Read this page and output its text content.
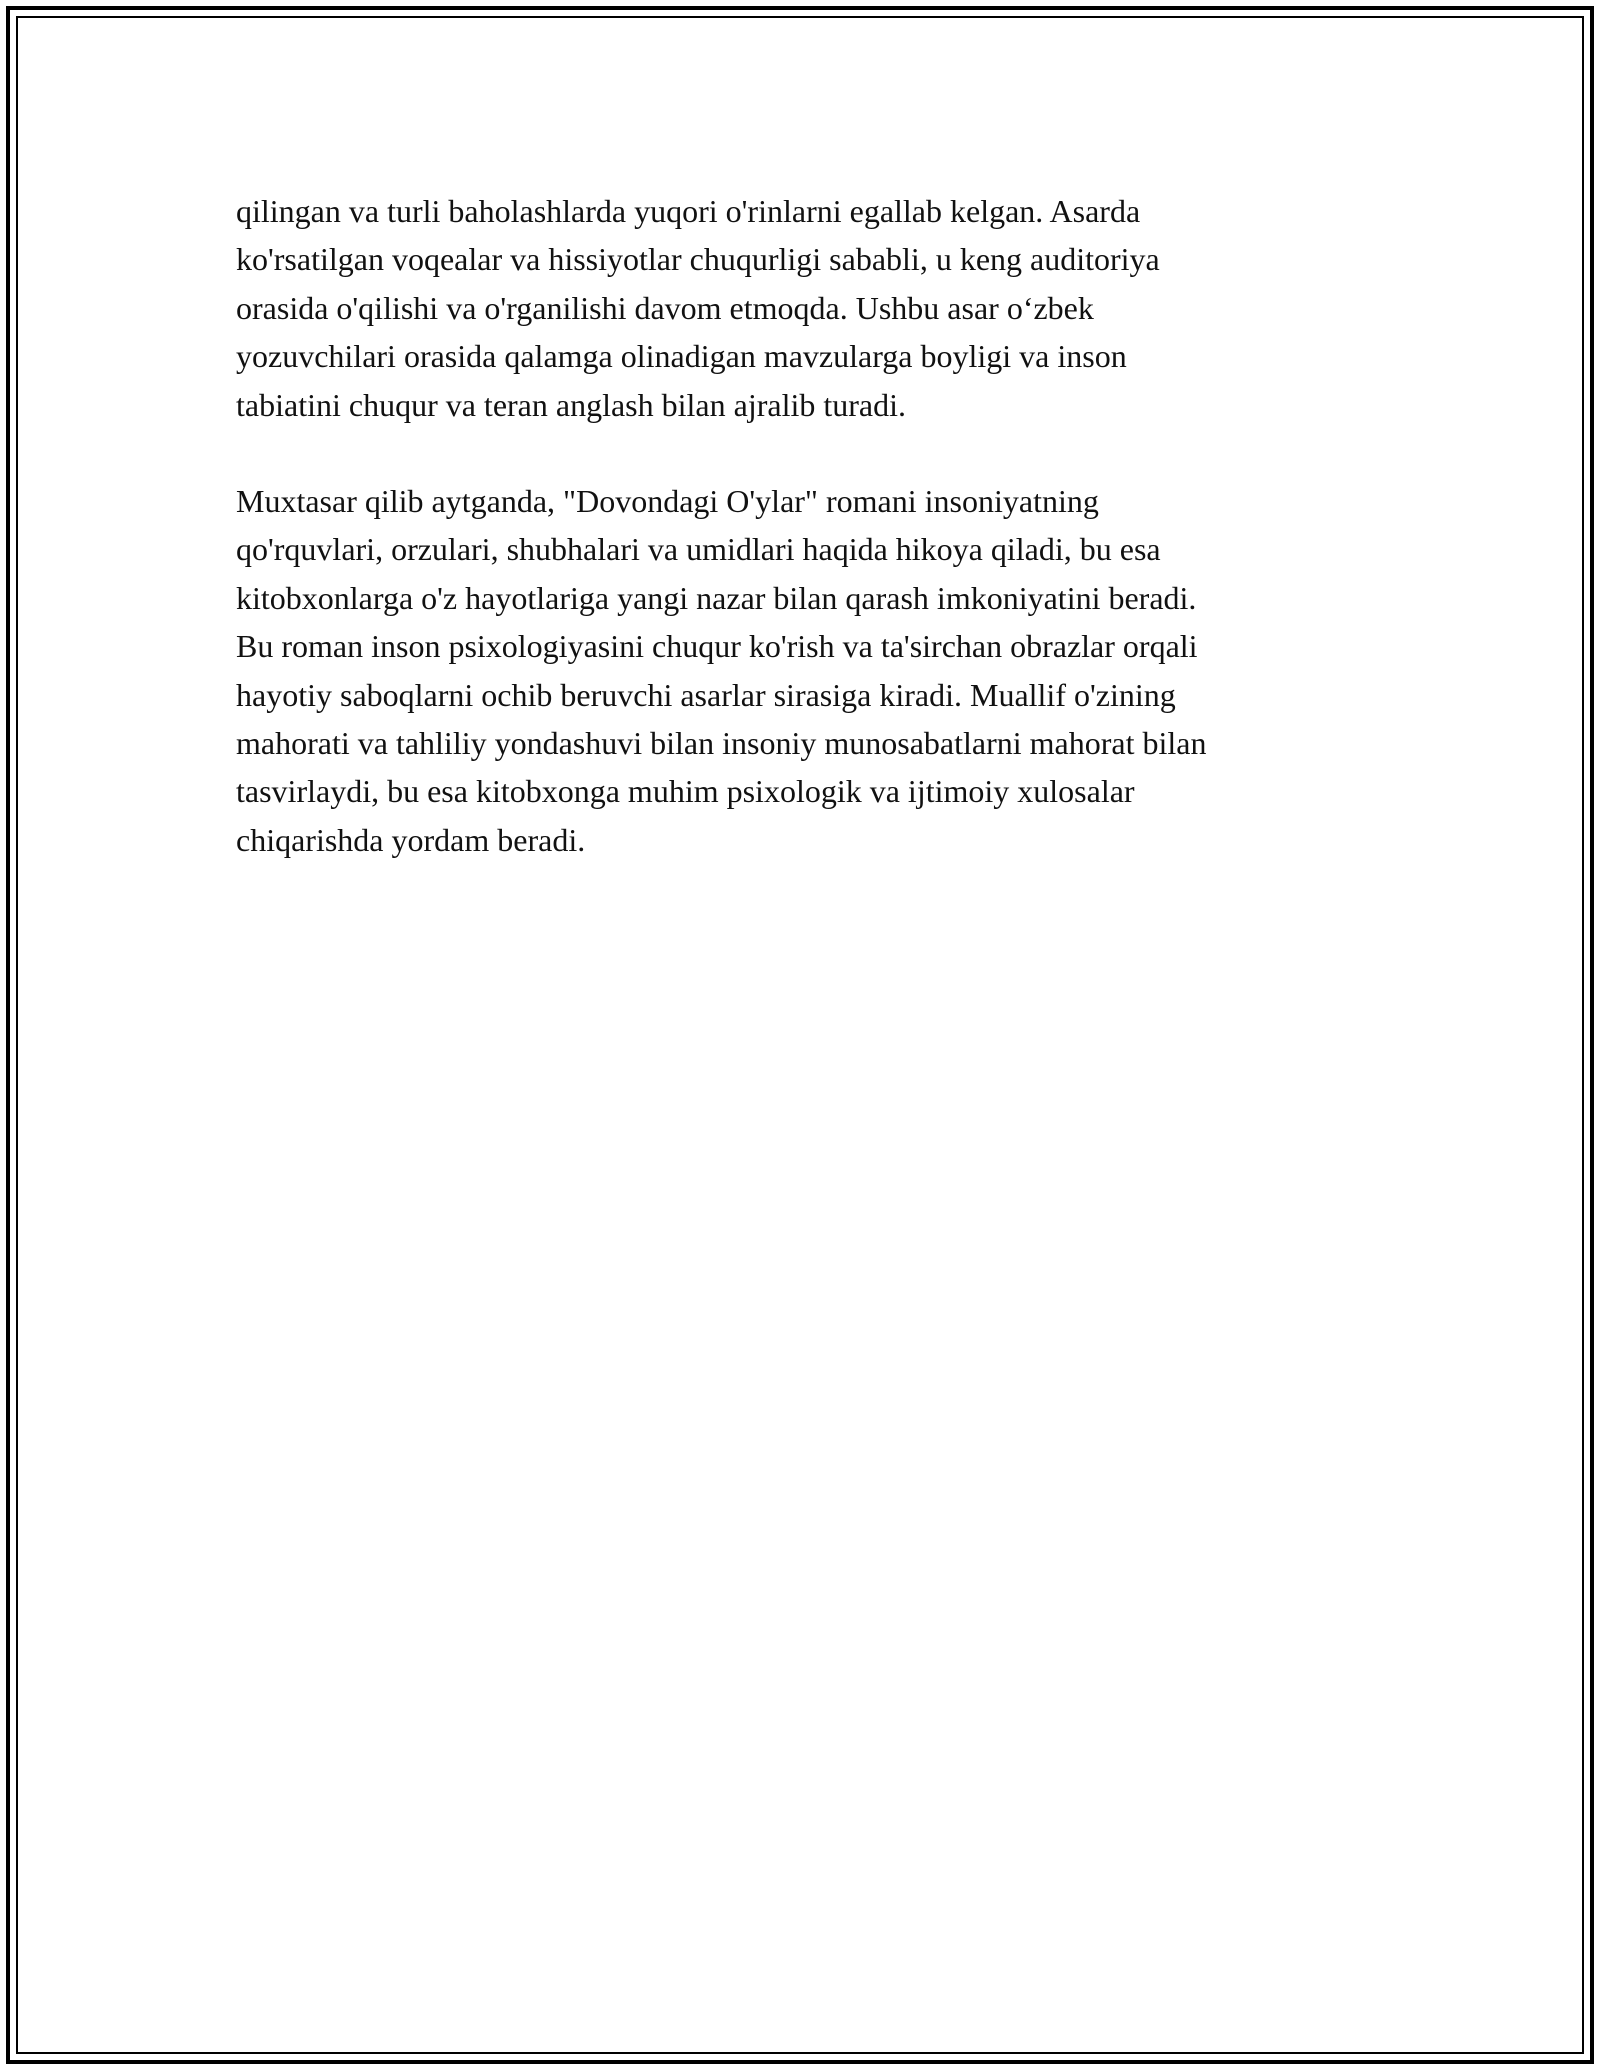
qilingan va turli baholashlarda yuqori o'rinlarni egallab kelgan. Asarda
ko'rsatilgan voqealar va hissiyotlar chuqurligi sababli, u keng auditoriya
orasida o'qilishi va o'rganilishi davom etmoqda. Ushbu asar o‘zbek
yozuvchilari orasida qalamga olinadigan mavzularga boyligi va inson
tabiatini chuqur va teran anglash bilan ajralib turadi.

Muxtasar qilib aytganda, "Dovondagi O'ylar" romani insoniyatning
qo'rquvlari, orzulari, shubhalari va umidlari haqida hikoya qiladi, bu esa
kitobxonlarga o'z hayotlariga yangi nazar bilan qarash imkoniyatini beradi.
Bu roman inson psixologiyasini chuqur ko'rish va ta'sirchan obrazlar orqali
hayotiy saboqlarni ochib beruvchi asarlar sirasiga kiradi. Muallif o'zining
mahorati va tahliliy yondashuvi bilan insoniy munosabatlarni mahorat bilan
tasvirlaydi, bu esa kitobxonga muhim psixologik va ijtimoiy xulosalar
chiqarishda yordam beradi.
